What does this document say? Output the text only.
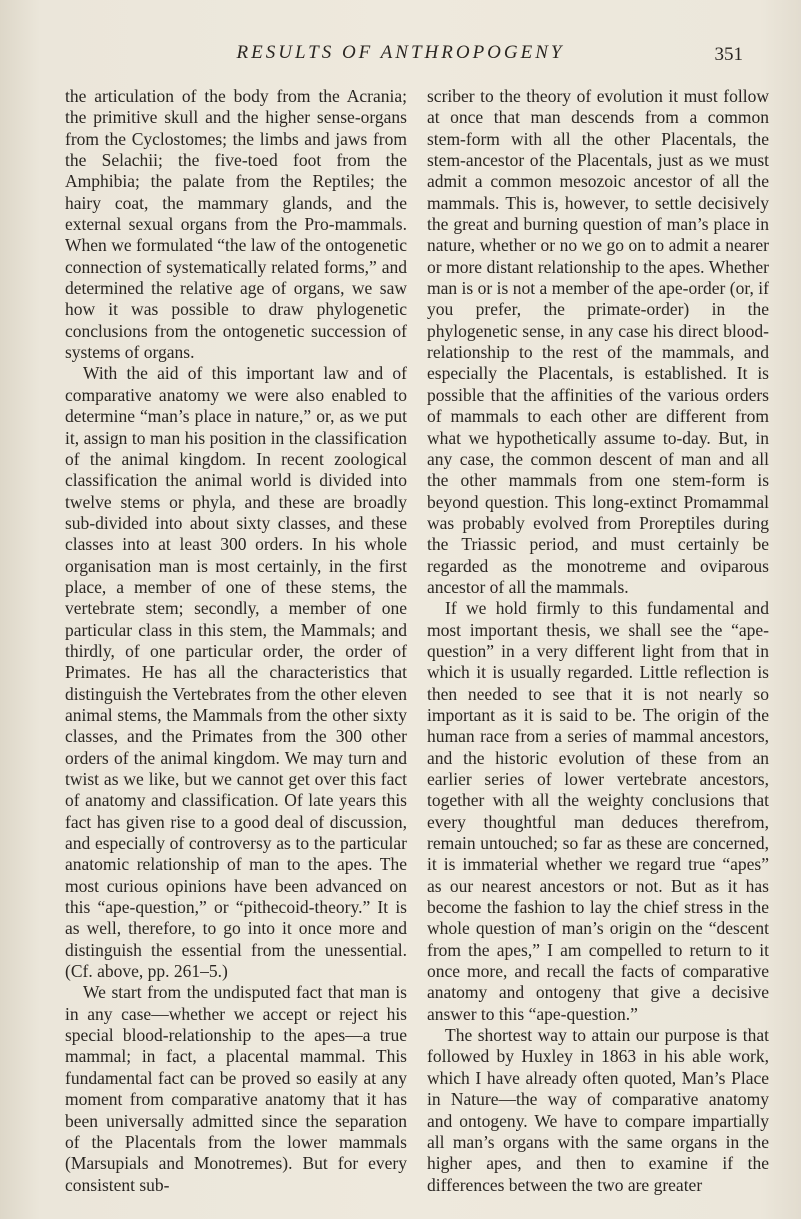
RESULTS OF ANTHROPOGENY	351

the articulation of the body from the Acrania; the primitive skull and the higher sense-organs from the Cyclostomes; the limbs and jaws from the Selachii; the five-toed foot from the Amphibia; the palate from the Reptiles; the hairy coat, the mammary glands, and the external sexual organs from the Pro-mammals. When we formulated “the law of the ontogenetic connection of systematically related forms,” and determined the relative age of organs, we saw how it was possible to draw phylogenetic conclusions from the ontogenetic succession of systems of organs.

With the aid of this important law and of comparative anatomy we were also enabled to determine “man’s place in nature,” or, as we put it, assign to man his position in the classification of the animal kingdom. In recent zoological classification the animal world is divided into twelve stems or phyla, and these are broadly sub-divided into about sixty classes, and these classes into at least 300 orders. In his whole organisation man is most certainly, in the first place, a member of one of these stems, the vertebrate stem; secondly, a member of one particular class in this stem, the Mammals; and thirdly, of one particular order, the order of Primates. He has all the characteristics that distinguish the Vertebrates from the other eleven animal stems, the Mammals from the other sixty classes, and the Primates from the 300 other orders of the animal kingdom. We may turn and twist as we like, but we cannot get over this fact of anatomy and classification. Of late years this fact has given rise to a good deal of discussion, and especially of controversy as to the particular anatomic relationship of man to the apes. The most curious opinions have been advanced on this “ape-question,” or “pithecoid-theory.” It is as well, therefore, to go into it once more and distinguish the essential from the unessential. (Cf. above, pp. 261–5.)

We start from the undisputed fact that man is in any case—whether we accept or reject his special blood-relationship to the apes—a true mammal; in fact, a placental mammal. This fundamental fact can be proved so easily at any moment from comparative anatomy that it has been universally admitted since the separation of the Placentals from the lower mammals (Marsupials and Monotremes). But for every consistent sub-

scriber to the theory of evolution it must follow at once that man descends from a common stem-form with all the other Placentals, the stem-ancestor of the Placentals, just as we must admit a common mesozoic ancestor of all the mammals. This is, however, to settle decisively the great and burning question of man’s place in nature, whether or no we go on to admit a nearer or more distant relationship to the apes. Whether man is or is not a member of the ape-order (or, if you prefer, the primate-order) in the phylogenetic sense, in any case his direct blood-relationship to the rest of the mammals, and especially the Placentals, is established. It is possible that the affinities of the various orders of mammals to each other are different from what we hypothetically assume to-day. But, in any case, the common descent of man and all the other mammals from one stem-form is beyond question. This long-extinct Promammal was probably evolved from Proreptiles during the Triassic period, and must certainly be regarded as the monotreme and oviparous ancestor of all the mammals.

If we hold firmly to this fundamental and most important thesis, we shall see the “ape-question” in a very different light from that in which it is usually regarded. Little reflection is then needed to see that it is not nearly so important as it is said to be. The origin of the human race from a series of mammal ancestors, and the historic evolution of these from an earlier series of lower vertebrate ancestors, together with all the weighty conclusions that every thoughtful man deduces therefrom, remain untouched; so far as these are concerned, it is immaterial whether we regard true “apes” as our nearest ancestors or not. But as it has become the fashion to lay the chief stress in the whole question of man’s origin on the “descent from the apes,” I am compelled to return to it once more, and recall the facts of comparative anatomy and ontogeny that give a decisive answer to this “ape-question.”

The shortest way to attain our purpose is that followed by Huxley in 1863 in his able work, which I have already often quoted, Man’s Place in Nature—the way of comparative anatomy and ontogeny. We have to compare impartially all man’s organs with the same organs in the higher apes, and then to examine if the differences between the two are greater
